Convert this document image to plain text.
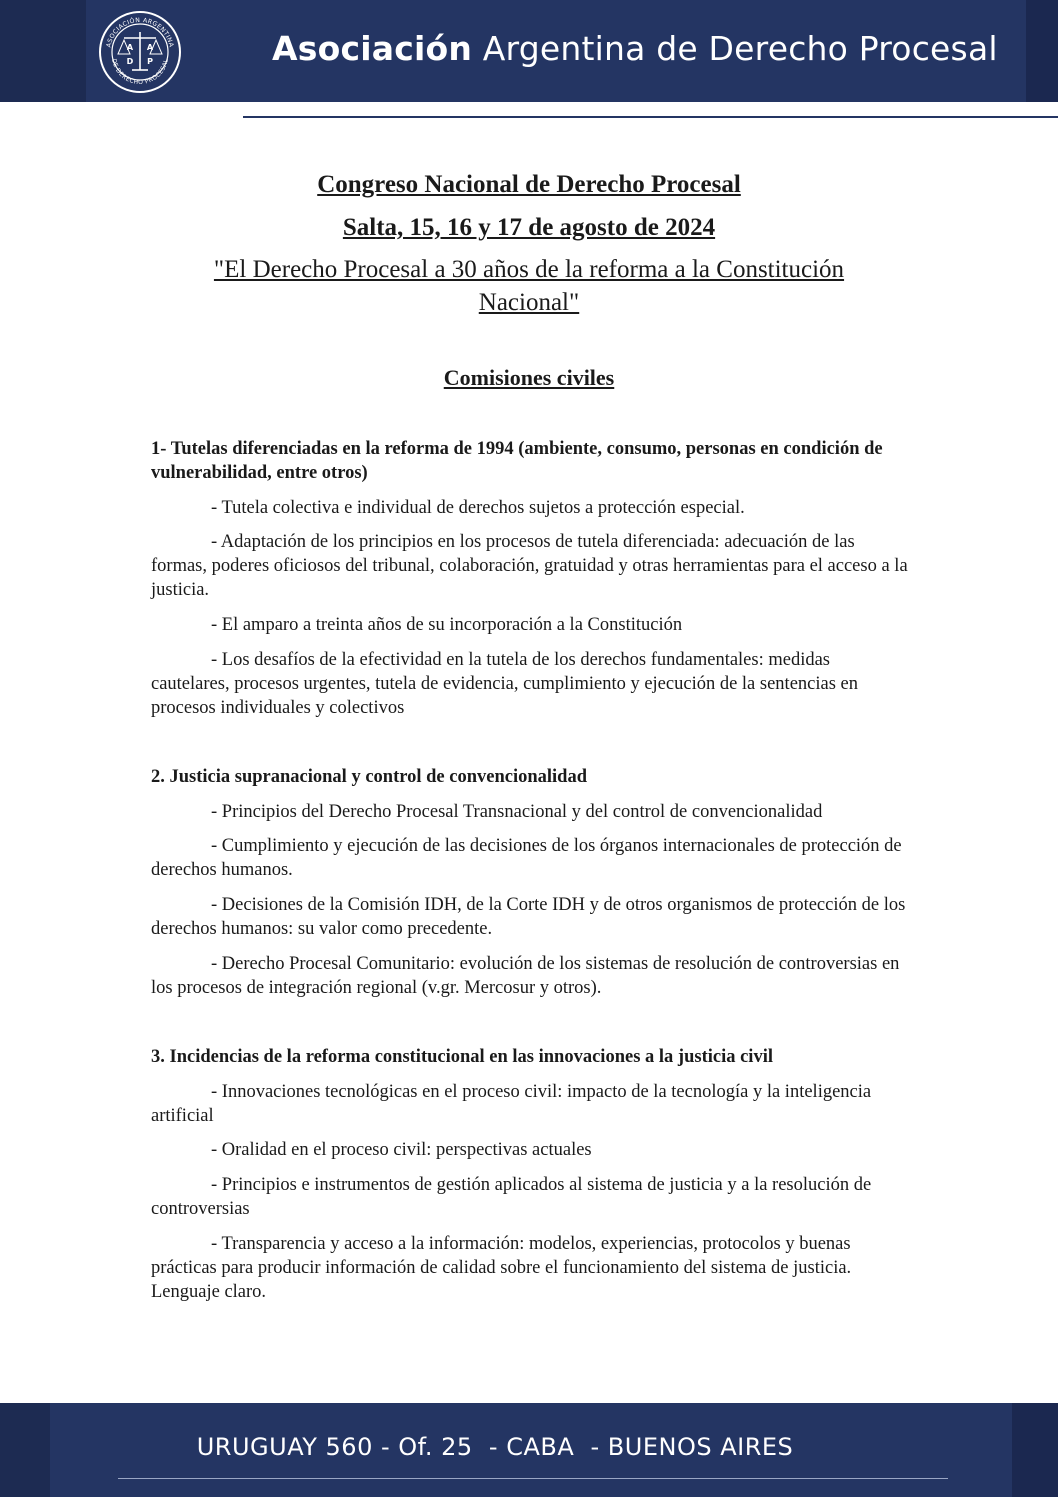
ASOCIACIÓN ARGENTINA
DE DERECHO PROCESAL
A A
D P	Asociación Argentina de Derecho Procesal
Congreso Nacional de Derecho Procesal
Salta, 15, 16 y 17 de agosto de 2024
"El Derecho Procesal a 30 años de la reforma a la Constitución Nacional"
Comisiones civiles
1- Tutelas diferenciadas en la reforma de 1994 (ambiente, consumo, personas en condición de vulnerabilidad, entre otros)
- Tutela colectiva e individual de derechos sujetos a protección especial.
- Adaptación de los principios en los procesos de tutela diferenciada: adecuación de las formas, poderes oficiosos del tribunal, colaboración, gratuidad y otras herramientas para el acceso a la justicia.
- El amparo a treinta años de su incorporación a la Constitución
- Los desafíos de la efectividad en la tutela de los derechos fundamentales: medidas cautelares, procesos urgentes, tutela de evidencia, cumplimiento y ejecución de la sentencias en procesos individuales y colectivos
2. Justicia supranacional y control de convencionalidad
- Principios del Derecho Procesal Transnacional y del control de convencionalidad
- Cumplimiento y ejecución de las decisiones de los órganos internacionales de protección de derechos humanos.
- Decisiones de la Comisión IDH, de la Corte IDH y de otros organismos de protección de los derechos humanos: su valor como precedente.
- Derecho Procesal Comunitario: evolución de los sistemas de resolución de controversias en los procesos de integración regional (v.gr. Mercosur y otros).
3. Incidencias de la reforma constitucional en las innovaciones a la justicia civil
- Innovaciones tecnológicas en el proceso civil: impacto de la tecnología y la inteligencia artificial
- Oralidad en el proceso civil: perspectivas actuales
- Principios e instrumentos de gestión aplicados al sistema de justicia y a la resolución de controversias
- Transparencia y acceso a la información: modelos, experiencias, protocolos y buenas prácticas para producir información de calidad sobre el funcionamiento del sistema de justicia. Lenguaje claro.
URUGUAY 560 - Of. 25  - CABA  - BUENOS AIRES
